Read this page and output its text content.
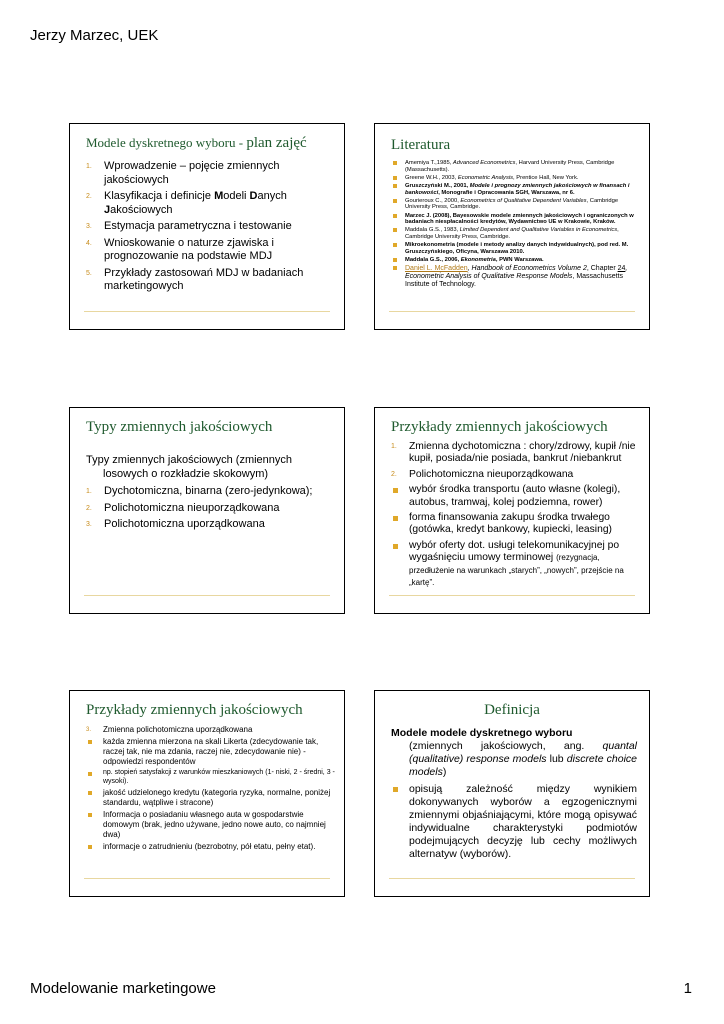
Jerzy Marzec, UEK
Modele dyskretnego wyboru - plan zajęć
1. Wprowadzenie – pojęcie zmiennych jakościowych
2. Klasyfikacja i definicje Modeli Danych Jakościowych
3. Estymacja parametryczna i testowanie
4. Wnioskowanie o naturze zjawiska i prognozowanie na podstawie MDJ
5. Przykłady zastosowań MDJ w badaniach marketingowych
Literatura
Amemiya T.,1985, Advanced Econometrics, Harvard University Press, Cambridge (Massachusetts).
Greene W.H., 2003, Econometric Analysis, Prentice Hall, New York.
Gruszczyński M., 2001, Modele i prognozy zmiennych jakościowych w finansach i bankowości, Monografie i Opracowania SGH, Warszawa, nr 6.
Gourieroux C., 2000, Econometrics of Qualitative Dependent Variables, Cambridge University Press, Cambridge.
Marzec J. (2008), Bayesowskie modele zmiennych jakościowych i ograniczonych w badaniach niespłacalności kredytów, Wydawnictwo UE w Krakowie, Kraków.
Maddala G.S., 1983, Limited Dependent and Qualitative Variables in Econometrics, Cambridge University Press, Cambridge.
Mikroekonometria (modele i metody analizy danych indywidualnych), pod red. M. Gruszczyńskiego, Oficyna, Warszawa 2010.
Maddala G.S., 2006, Ekonometria, PWN Warszawa.
Daniel L. McFadden, Handbook of Econometrics Volume 2, Chapter 24, Econometric Analysis of Qualitative Response Models, Massachusetts Institute of Technology.
Typy zmiennych jakościowych
Typy zmiennych jakościowych (zmiennych

losowych o rozkładzie skokowym)
1. Dychotomiczna, binarna (zero-jedynkowa);
2. Polichotomiczna nieuporządkowana
3. Polichotomiczna uporządkowana
Przykłady zmiennych jakościowych
1. Zmienna dychotomiczna : chory/zdrowy, kupił /nie kupił, posiada/nie posiada, bankrut /niebankrut
2. Polichotomiczna nieuporządkowana
wybór środka transportu (auto własne (kolegi), autobus, tramwaj, kolej podziemna, rower)
forma finansowania zakupu środka trwałego (gotówka, kredyt bankowy, kupiecki, leasing)
wybór oferty dot. usługi telekomunikacyjnej po wygaśnięciu umowy terminowej (rezygnacja, przedłużenie na warunkach „starych”, „nowych”, przejście na „kartę”.
Przykłady zmiennych jakościowych
3. Zmienna polichotomiczna uporządkowana
każda zmienna mierzona na skali Likerta (zdecydowanie tak, raczej tak, nie ma zdania, raczej nie, zdecydowanie nie) - odpowiedzi respondentów
np. stopień satysfakcji z warunków mieszkaniowych (1- niski, 2 - średni, 3 - wysoki).
jakość udzielonego kredytu (kategoria ryzyka, normalne, poniżej standardu, wątpliwe i stracone)
Informacja o posiadaniu własnego auta w gospodarstwie domowym (brak, jedno używane, jedno nowe auto, co najmniej dwa)
informacje o zatrudnieniu (bezrobotny, pół etatu, pełny etat).
Definicja

Modele modele dyskretnego wyboru
(zmiennych jakościowych, ang. quantal (qualitative) response models lub discrete choice models)

opisują zależność między wynikiem dokonywanych wyborów a egzogenicznymi zmiennymi objaśniającymi, które mogą opisywać indywidualne charakterystyki podmiotów podejmujących decyzję lub cechy możliwych alternatyw (wyborów).
Modelowanie marketingowe	1
